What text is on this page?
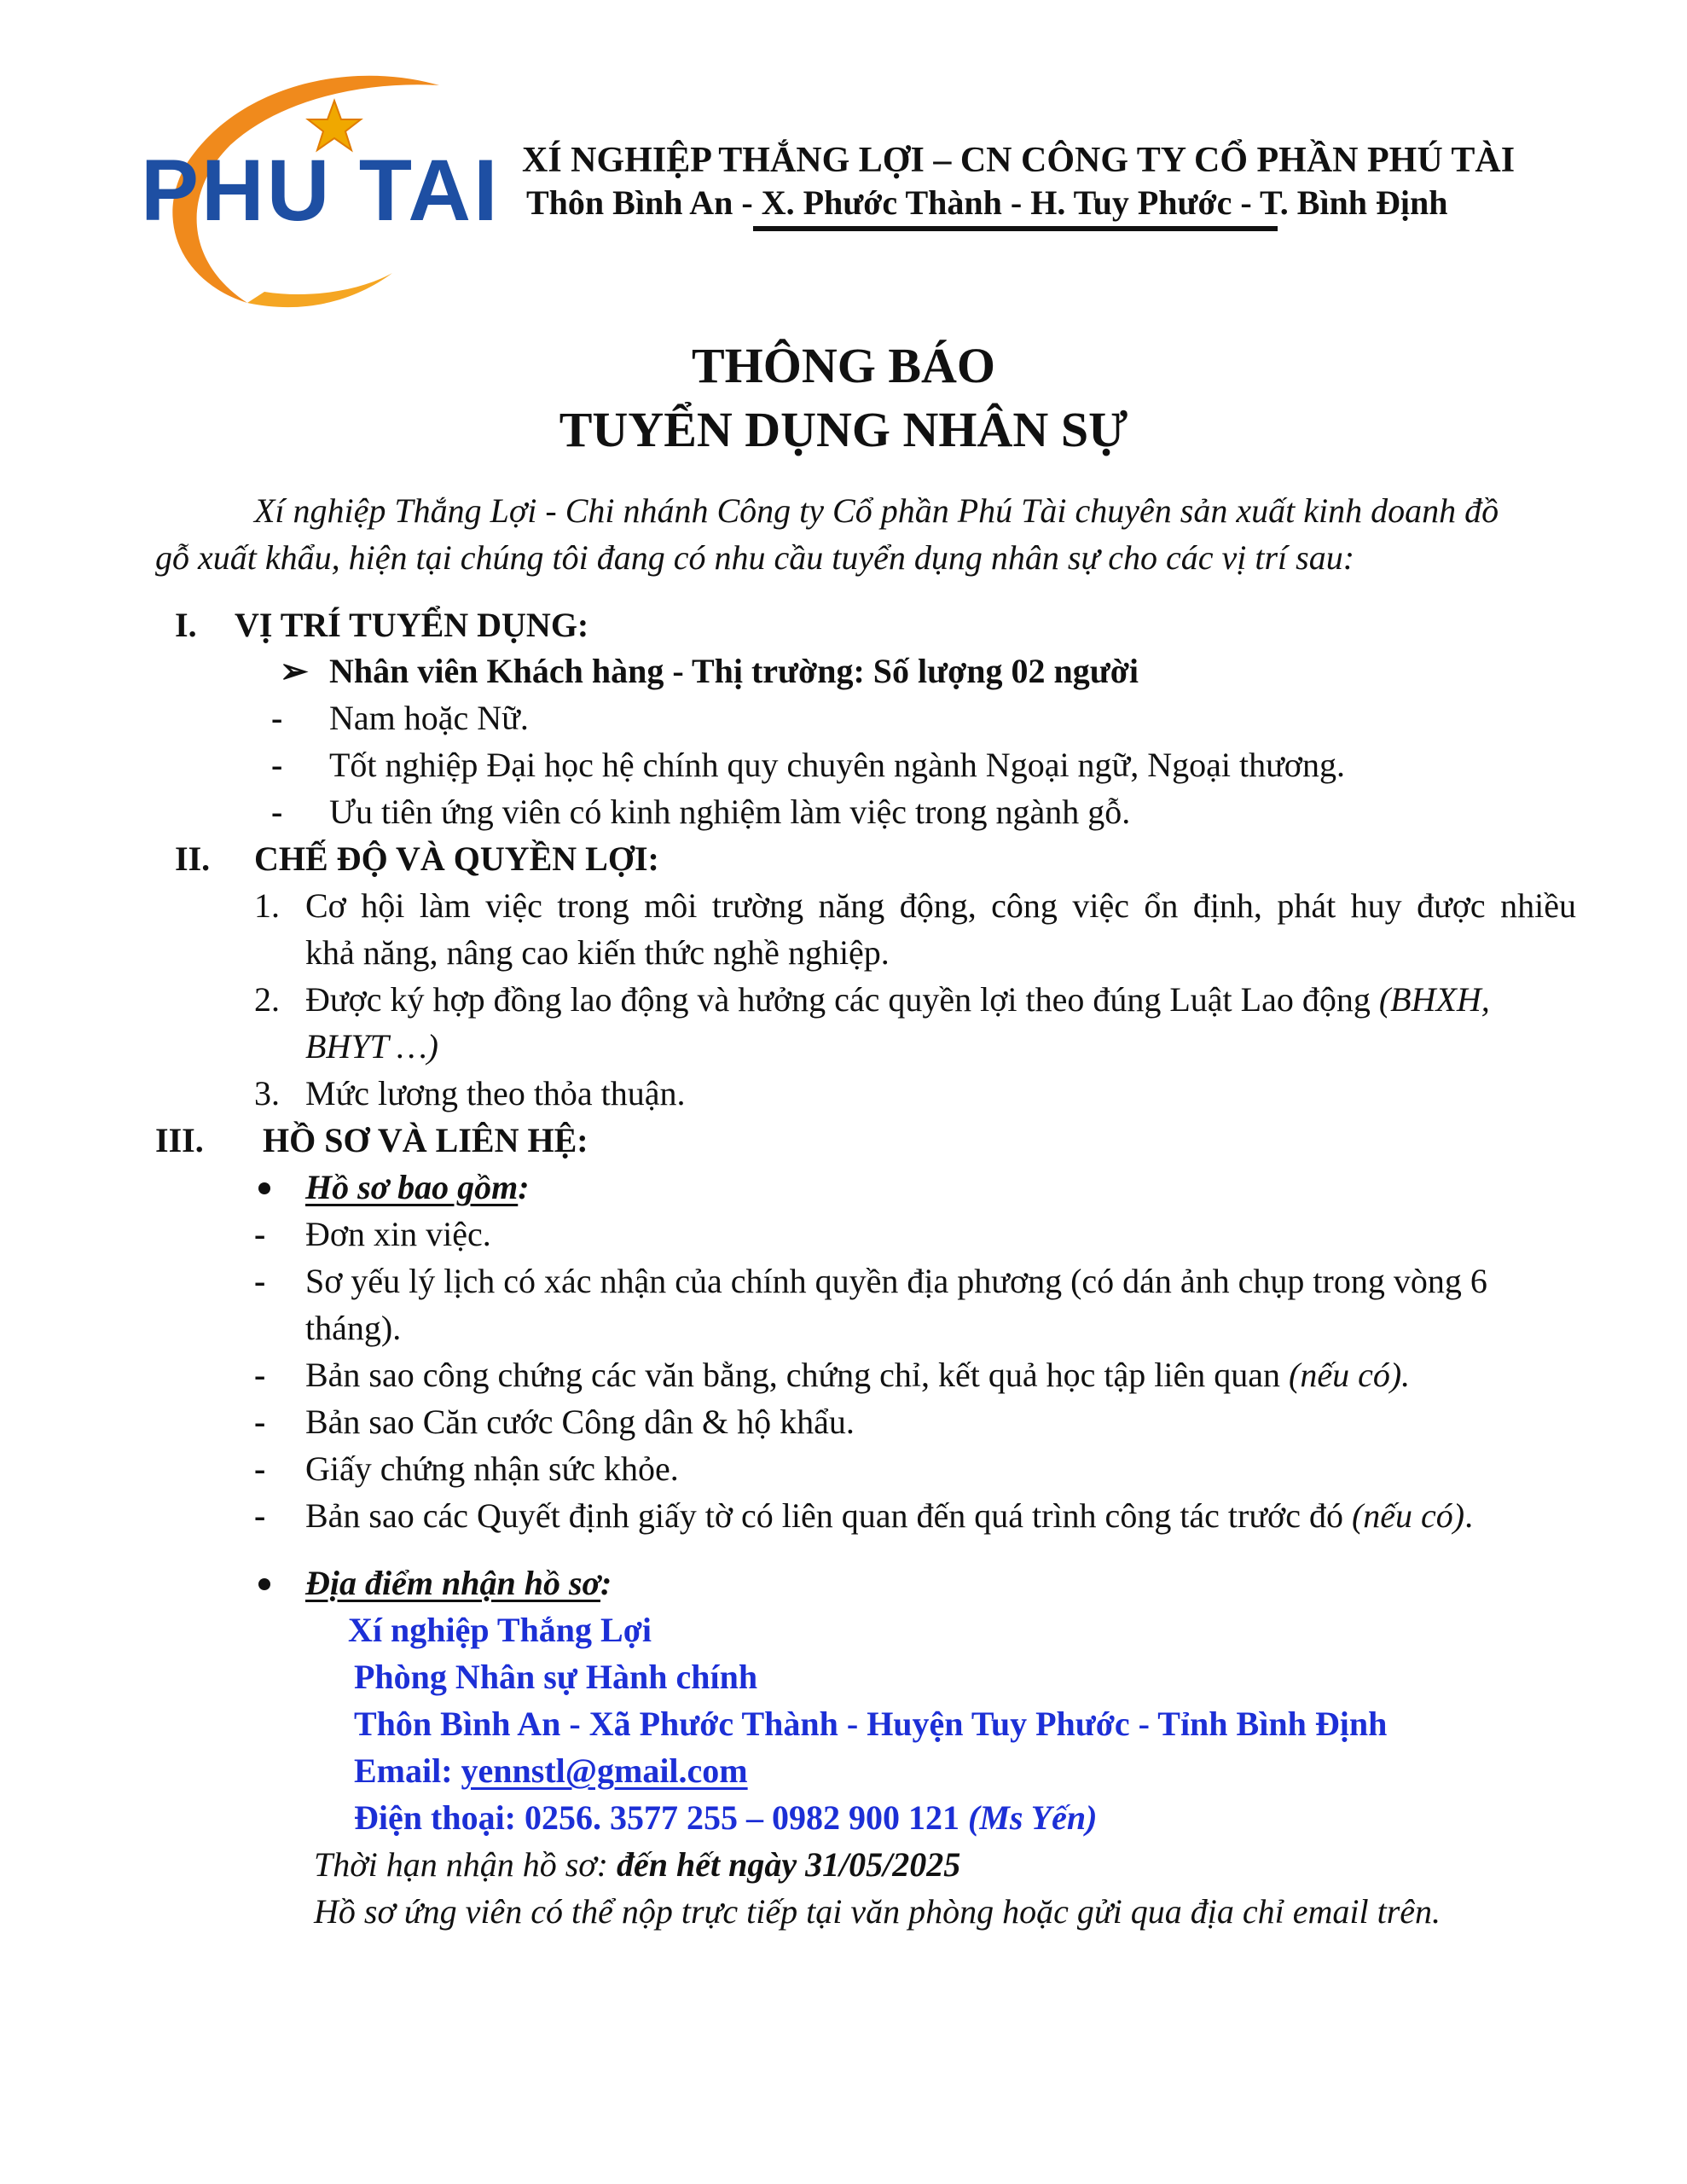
PHU TAI XÍ NGHIỆP THẮNG LỢI – CN CÔNG TY CỔ PHẦN PHÚ TÀI
Thôn Bình An - X. Phước Thành - H. Tuy Phước - T. Bình Định
THÔNG BÁO
TUYỂN DỤNG NHÂN SỰ
Xí nghiệp Thắng Lợi - Chi nhánh Công ty Cổ phần Phú Tài chuyên sản xuất kinh doanh đồ
gỗ xuất khẩu, hiện tại chúng tôi đang có nhu cầu tuyển dụng nhân sự cho các vị trí sau:
I. VỊ TRÍ TUYỂN DỤNG:
➢ Nhân viên Khách hàng - Thị trường: Số lượng 02 người
- Nam hoặc Nữ.
- Tốt nghiệp Đại học hệ chính quy chuyên ngành Ngoại ngữ, Ngoại thương.
- Ưu tiên ứng viên có kinh nghiệm làm việc trong ngành gỗ.
II. CHẾ ĐỘ VÀ QUYỀN LỢI:
1. Cơ hội làm việc trong môi trường năng động, công việc ổn định, phát huy được nhiều
khả năng, nâng cao kiến thức nghề nghiệp.
2. Được ký hợp đồng lao động và hưởng các quyền lợi theo đúng Luật Lao động (BHXH,
BHYT …)
3. Mức lương theo thỏa thuận.
III. HỒ SƠ VÀ LIÊN HỆ:
Hồ sơ bao gồm:
- Đơn xin việc.
- Sơ yếu lý lịch có xác nhận của chính quyền địa phương (có dán ảnh chụp trong vòng 6
tháng).
- Bản sao công chứng các văn bằng, chứng chỉ, kết quả học tập liên quan (nếu có).
- Bản sao Căn cước Công dân & hộ khẩu.
- Giấy chứng nhận sức khỏe.
- Bản sao các Quyết định giấy tờ có liên quan đến quá trình công tác trước đó (nếu có).
Địa điểm nhận hồ sơ:
Xí nghiệp Thắng Lợi
Phòng Nhân sự Hành chính
Thôn Bình An - Xã Phước Thành - Huyện Tuy Phước - Tỉnh Bình Định
Email: yennstl@gmail.com
Điện thoại: 0256. 3577 255 – 0982 900 121 (Ms Yến)
Thời hạn nhận hồ sơ: đến hết ngày 31/05/2025
Hồ sơ ứng viên có thể nộp trực tiếp tại văn phòng hoặc gửi qua địa chỉ email trên.
